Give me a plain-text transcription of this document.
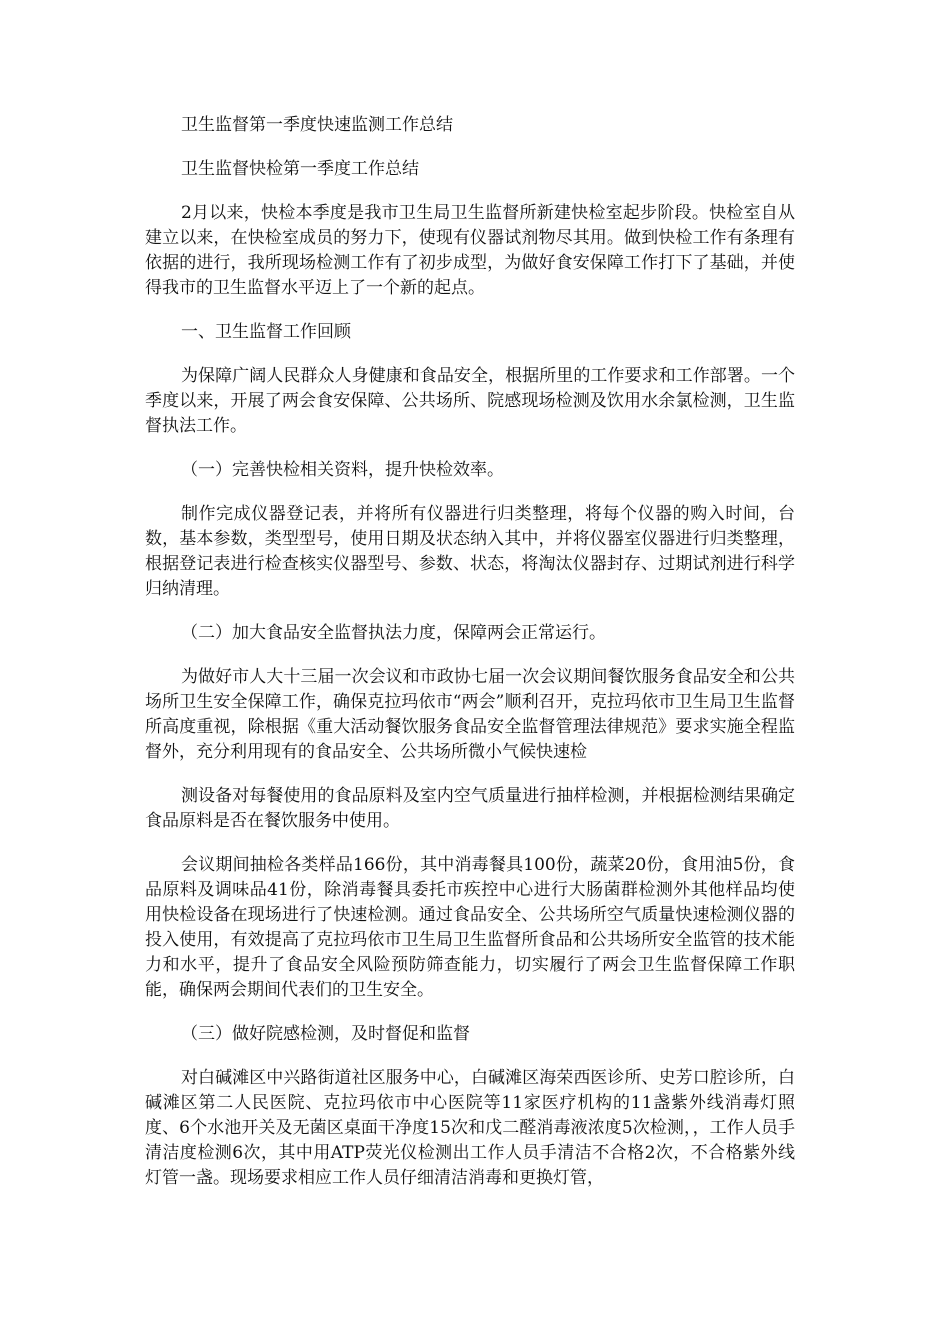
卫生监督第一季度快速监测工作总结

卫生监督快检第一季度工作总结

2月以来，快检本季度是我市卫生局卫生监督所新建快检室起步阶段。快检室自从建立以来，在快检室成员的努力下，使现有仪器试剂物尽其用。做到快检工作有条理有依据的进行，我所现场检测工作有了初步成型，为做好食安保障工作打下了基础，并使得我市的卫生监督水平迈上了一个新的起点。

一、卫生监督工作回顾

为保障广阔人民群众人身健康和食品安全，根据所里的工作要求和工作部署。一个季度以来，开展了两会食安保障、公共场所、院感现场检测及饮用水余氯检测，卫生监督执法工作。

（一）完善快检相关资料，提升快检效率。

制作完成仪器登记表，并将所有仪器进行归类整理，将每个仪器的购入时间，台数，基本参数，类型型号，使用日期及状态纳入其中，并将仪器室仪器进行归类整理，根据登记表进行检查核实仪器型号、参数、状态，将淘汰仪器封存、过期试剂进行科学归纳清理。

（二）加大食品安全监督执法力度，保障两会正常运行。

为做好市人大十三届一次会议和市政协七届一次会议期间餐饮服务食品安全和公共场所卫生安全保障工作，确保克拉玛依市“两会”顺利召开，克拉玛依市卫生局卫生监督所高度重视，除根据《重大活动餐饮服务食品安全监督管理法律规范》要求实施全程监督外，充分利用现有的食品安全、公共场所微小气候快速检

测设备对每餐使用的食品原料及室内空气质量进行抽样检测，并根据检测结果确定食品原料是否在餐饮服务中使用。

会议期间抽检各类样品166份，其中消毒餐具100份，蔬菜20份，食用油5份，食品原料及调味品41份，除消毒餐具委托市疾控中心进行大肠菌群检测外其他样品均使用快检设备在现场进行了快速检测。通过食品安全、公共场所空气质量快速检测仪器的投入使用，有效提高了克拉玛依市卫生局卫生监督所食品和公共场所安全监管的技术能力和水平，提升了食品安全风险预防筛查能力，切实履行了两会卫生监督保障工作职能，确保两会期间代表们的卫生安全。

（三）做好院感检测，及时督促和监督

对白碱滩区中兴路街道社区服务中心，白碱滩区海荣西医诊所、史芳口腔诊所，白碱滩区第二人民医院、克拉玛依市中心医院等11家医疗机构的11盏紫外线消毒灯照度、6个水池开关及无菌区桌面干净度15次和戊二醛消毒液浓度5次检测，，工作人员手清洁度检测6次，其中用ATP荧光仪检测出工作人员手清洁不合格2次，不合格紫外线灯管一盏。现场要求相应工作人员仔细清洁消毒和更换灯管，
